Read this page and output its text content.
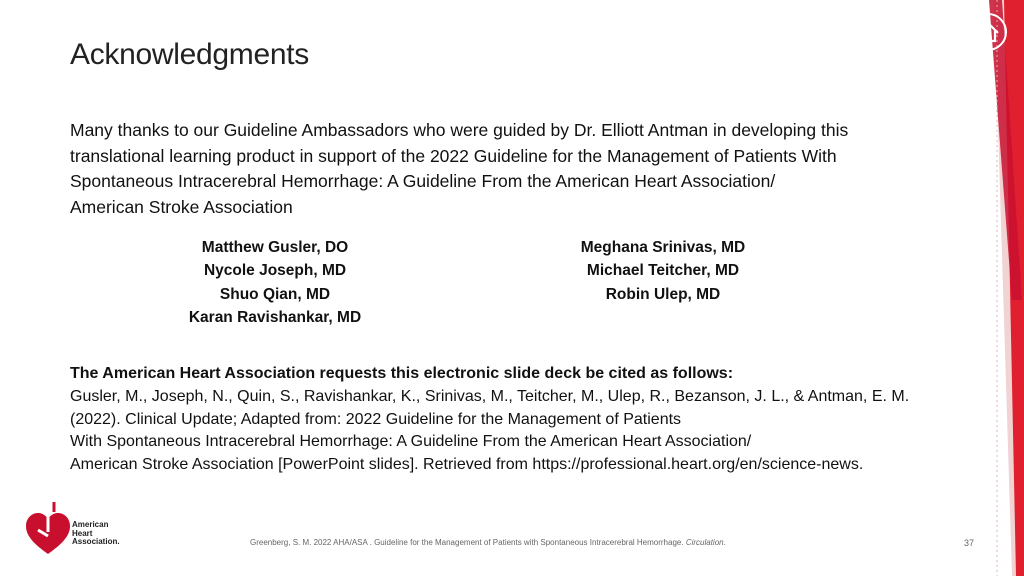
Acknowledgments

Many thanks to our Guideline Ambassadors who were guided by Dr. Elliott Antman in developing this

translational learning product in support of the 2022 Guideline for the Management of Patients With

Spontaneous Intracerebral Hemorrhage: A Guideline From the American Heart Association/

American Stroke Association

Matthew Gusler, DO
Nycole Joseph, MD
Shuo Qian, MD
Karan Ravishankar, MD
Meghana Srinivas, MD
Michael Teitcher, MD
Robin Ulep, MD
The American Heart Association requests this electronic slide deck be cited as follows:
Gusler, M., Joseph, N., Quin, S., Ravishankar, K., Srinivas, M., Teitcher, M., Ulep, R., Bezanson, J. L., & Antman, E. M.
(2022). Clinical Update; Adapted from: 2022 Guideline for the Management of Patients
With Spontaneous Intracerebral Hemorrhage: A Guideline From the American Heart Association/
American Stroke Association [PowerPoint slides]. Retrieved from https://professional.heart.org/en/science-news.
American
Heart
Association.	Greenberg, S. M. 2022 AHA/ASA . Guideline for the Management of Patients with Spontaneous Intracerebral Hemorrhage. Circulation.	37
